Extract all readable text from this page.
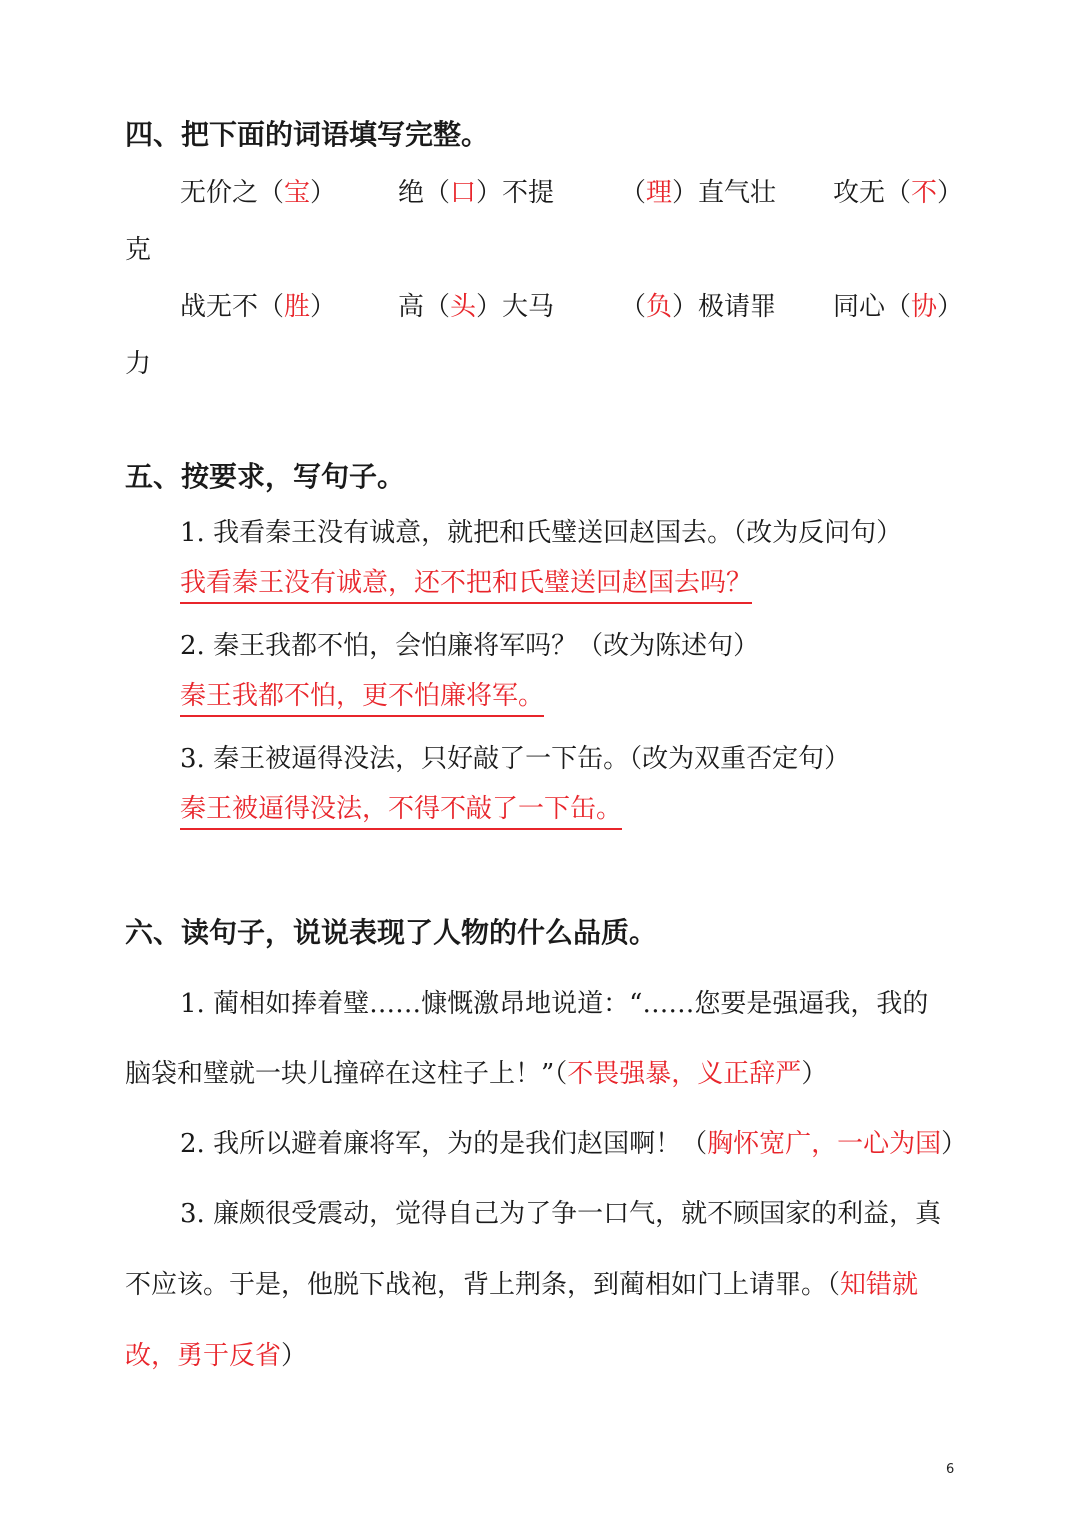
四、把下面的词语填写完整。
无价之（宝） 绝（口）不提	（理）直气壮 攻无（不）
克
战无不（胜） 高（头）大马	（负）极请罪 同心（协）
力
五、按要求，写句子。
1. 我看秦王没有诚意，就把和氏璧送回赵国去。（改为反问句）
我看秦王没有诚意，还不把和氏璧送回赵国去吗？
2. 秦王我都不怕，会怕廉将军吗？（改为陈述句）
秦王我都不怕，更不怕廉将军。
3. 秦王被逼得没法，只好敲了一下缶。（改为双重否定句）
秦王被逼得没法，不得不敲了一下缶。
六、读句子，说说表现了人物的什么品质。
1. 蔺相如捧着璧……慷慨激昂地说道：“……您要是强逼我，我的
脑袋和璧就一块儿撞碎在这柱子上！”（不畏强暴，义正辞严）
2. 我所以避着廉将军，为的是我们赵国啊！（胸怀宽广，一心为国）
3. 廉颇很受震动，觉得自己为了争一口气，就不顾国家的利益，真
不应该。于是，他脱下战袍，背上荆条，到蔺相如门上请罪。（知错就
改，勇于反省）
6
